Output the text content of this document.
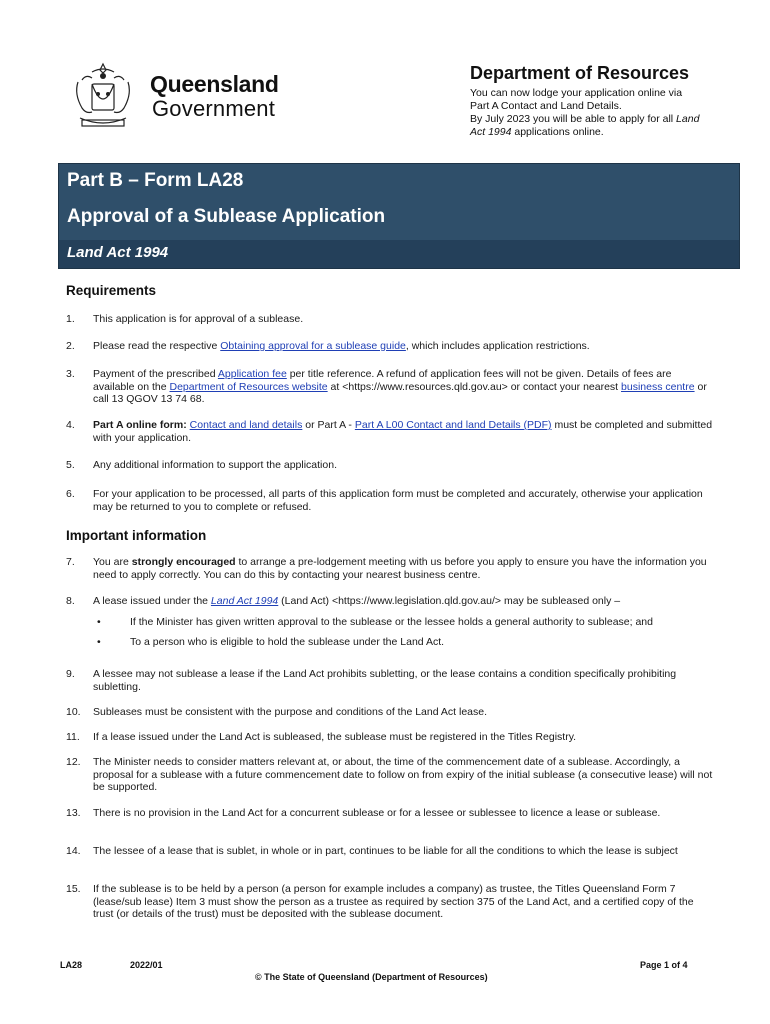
Queensland
Government
Department of Resources
You can now lodge your application online via
Part A Contact and Land Details.
By July 2023 you will be able to apply for all Land
Act 1994 applications online.
Part B – Form LA28
Approval of a Sublease Application
Land Act 1994
Requirements
1. This application is for approval of a sublease.
2. Please read the respective Obtaining approval for a sublease guide, which includes application restrictions.
3. Payment of the prescribed Application fee per title reference. A refund of application fees will not be given. Details of fees are available on the Department of Resources website at <https://www.resources.qld.gov.au> or contact your nearest business centre or call 13 QGOV 13 74 68.
4. Part A online form: Contact and land details or Part A - Part A L00 Contact and land Details (PDF) must be completed and submitted with your application.
5. Any additional information to support the application.
6. For your application to be processed, all parts of this application form must be completed and accurately, otherwise your application may be returned to you to complete or refused.
Important information
7. You are strongly encouraged to arrange a pre-lodgement meeting with us before you apply to ensure you have the information you need to apply correctly. You can do this by contacting your nearest business centre.
8. A lease issued under the Land Act 1994 (Land Act) <https://www.legislation.qld.gov.au/> may be subleased only –
•	If the Minister has given written approval to the sublease or the lessee holds a general authority to sublease; and
•	To a person who is eligible to hold the sublease under the Land Act.
9. A lessee may not sublease a lease if the Land Act prohibits subletting, or the lease contains a condition specifically prohibiting subletting.
10. Subleases must be consistent with the purpose and conditions of the Land Act lease.
11. If a lease issued under the Land Act is subleased, the sublease must be registered in the Titles Registry.
12. The Minister needs to consider matters relevant at, or about, the time of the commencement date of a sublease. Accordingly, a proposal for a sublease with a future commencement date to follow on from expiry of the initial sublease (a consecutive lease) will not be supported.
13. There is no provision in the Land Act for a concurrent sublease or for a lessee or sublessee to licence a lease or sublease.
14. The lessee of a lease that is sublet, in whole or in part, continues to be liable for all the conditions to which the lease is subject
15. If the sublease is to be held by a person (a person for example includes a company) as trustee, the Titles Queensland Form 7 (lease/sub lease) Item 3 must show the person as a trustee as required by section 375 of the Land Act, and a certified copy of the trust (or details of the trust) must be deposited with the sublease document.
LA28	2022/01
© The State of Queensland (Department of Resources)
Page 1 of 4
